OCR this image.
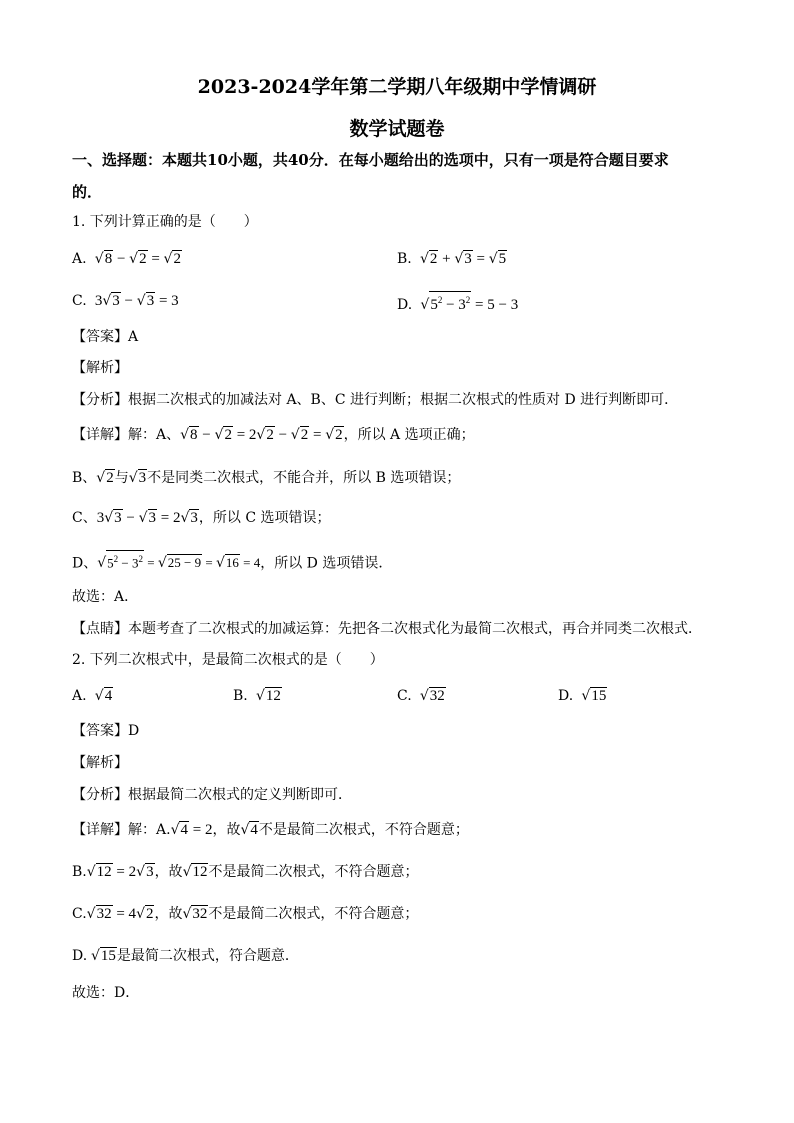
2023-2024学年第二学期八年级期中学情调研
数学试题卷
一、选择题：本题共10小题，共40分．在每小题给出的选项中，只有一项是符合题目要求
的．
1. 下列计算正确的是（　　）
A. √8 − √2 = √2	B. √2 + √3 = √5
C.  3√3 − √3 = 3	D. $√5^2 - 3^2 = 5 - 3$
【答案】A
【解析】
【分析】根据二次根式的加减法对 A、B、C 进行判断；根据二次根式的性质对 D 进行判断即可．
【详解】解：A、√8 − √2 = 2√2 − √2 = √2，所以 A 选项正确；
B、√2与√3不是同类二次根式，不能合并，所以 B 选项错误；
C、3√3 − √3 = 2√3，所以 C 选项错误；
D、$√5^2 - 3^2 = √25 - 9 = √16 = 4$，所以 D 选项错误．
故选：A．
【点睛】本题考查了二次根式的加减运算：先把各二次根式化为最简二次根式，再合并同类二次根式．
2. 下列二次根式中，是最简二次根式的是（　　）
A. √4	B. √12	C. √32	D. √15
【答案】D
【解析】
【分析】根据最简二次根式的定义判断即可．
【详解】解：A.√4 = 2，故√4不是最简二次根式，不符合题意；
B.√12 = 2√3，故√12不是最简二次根式，不符合题意；
C.√32 = 4√2，故√32不是最简二次根式，不符合题意；
D. √15是最简二次根式，符合题意．
故选：D．
